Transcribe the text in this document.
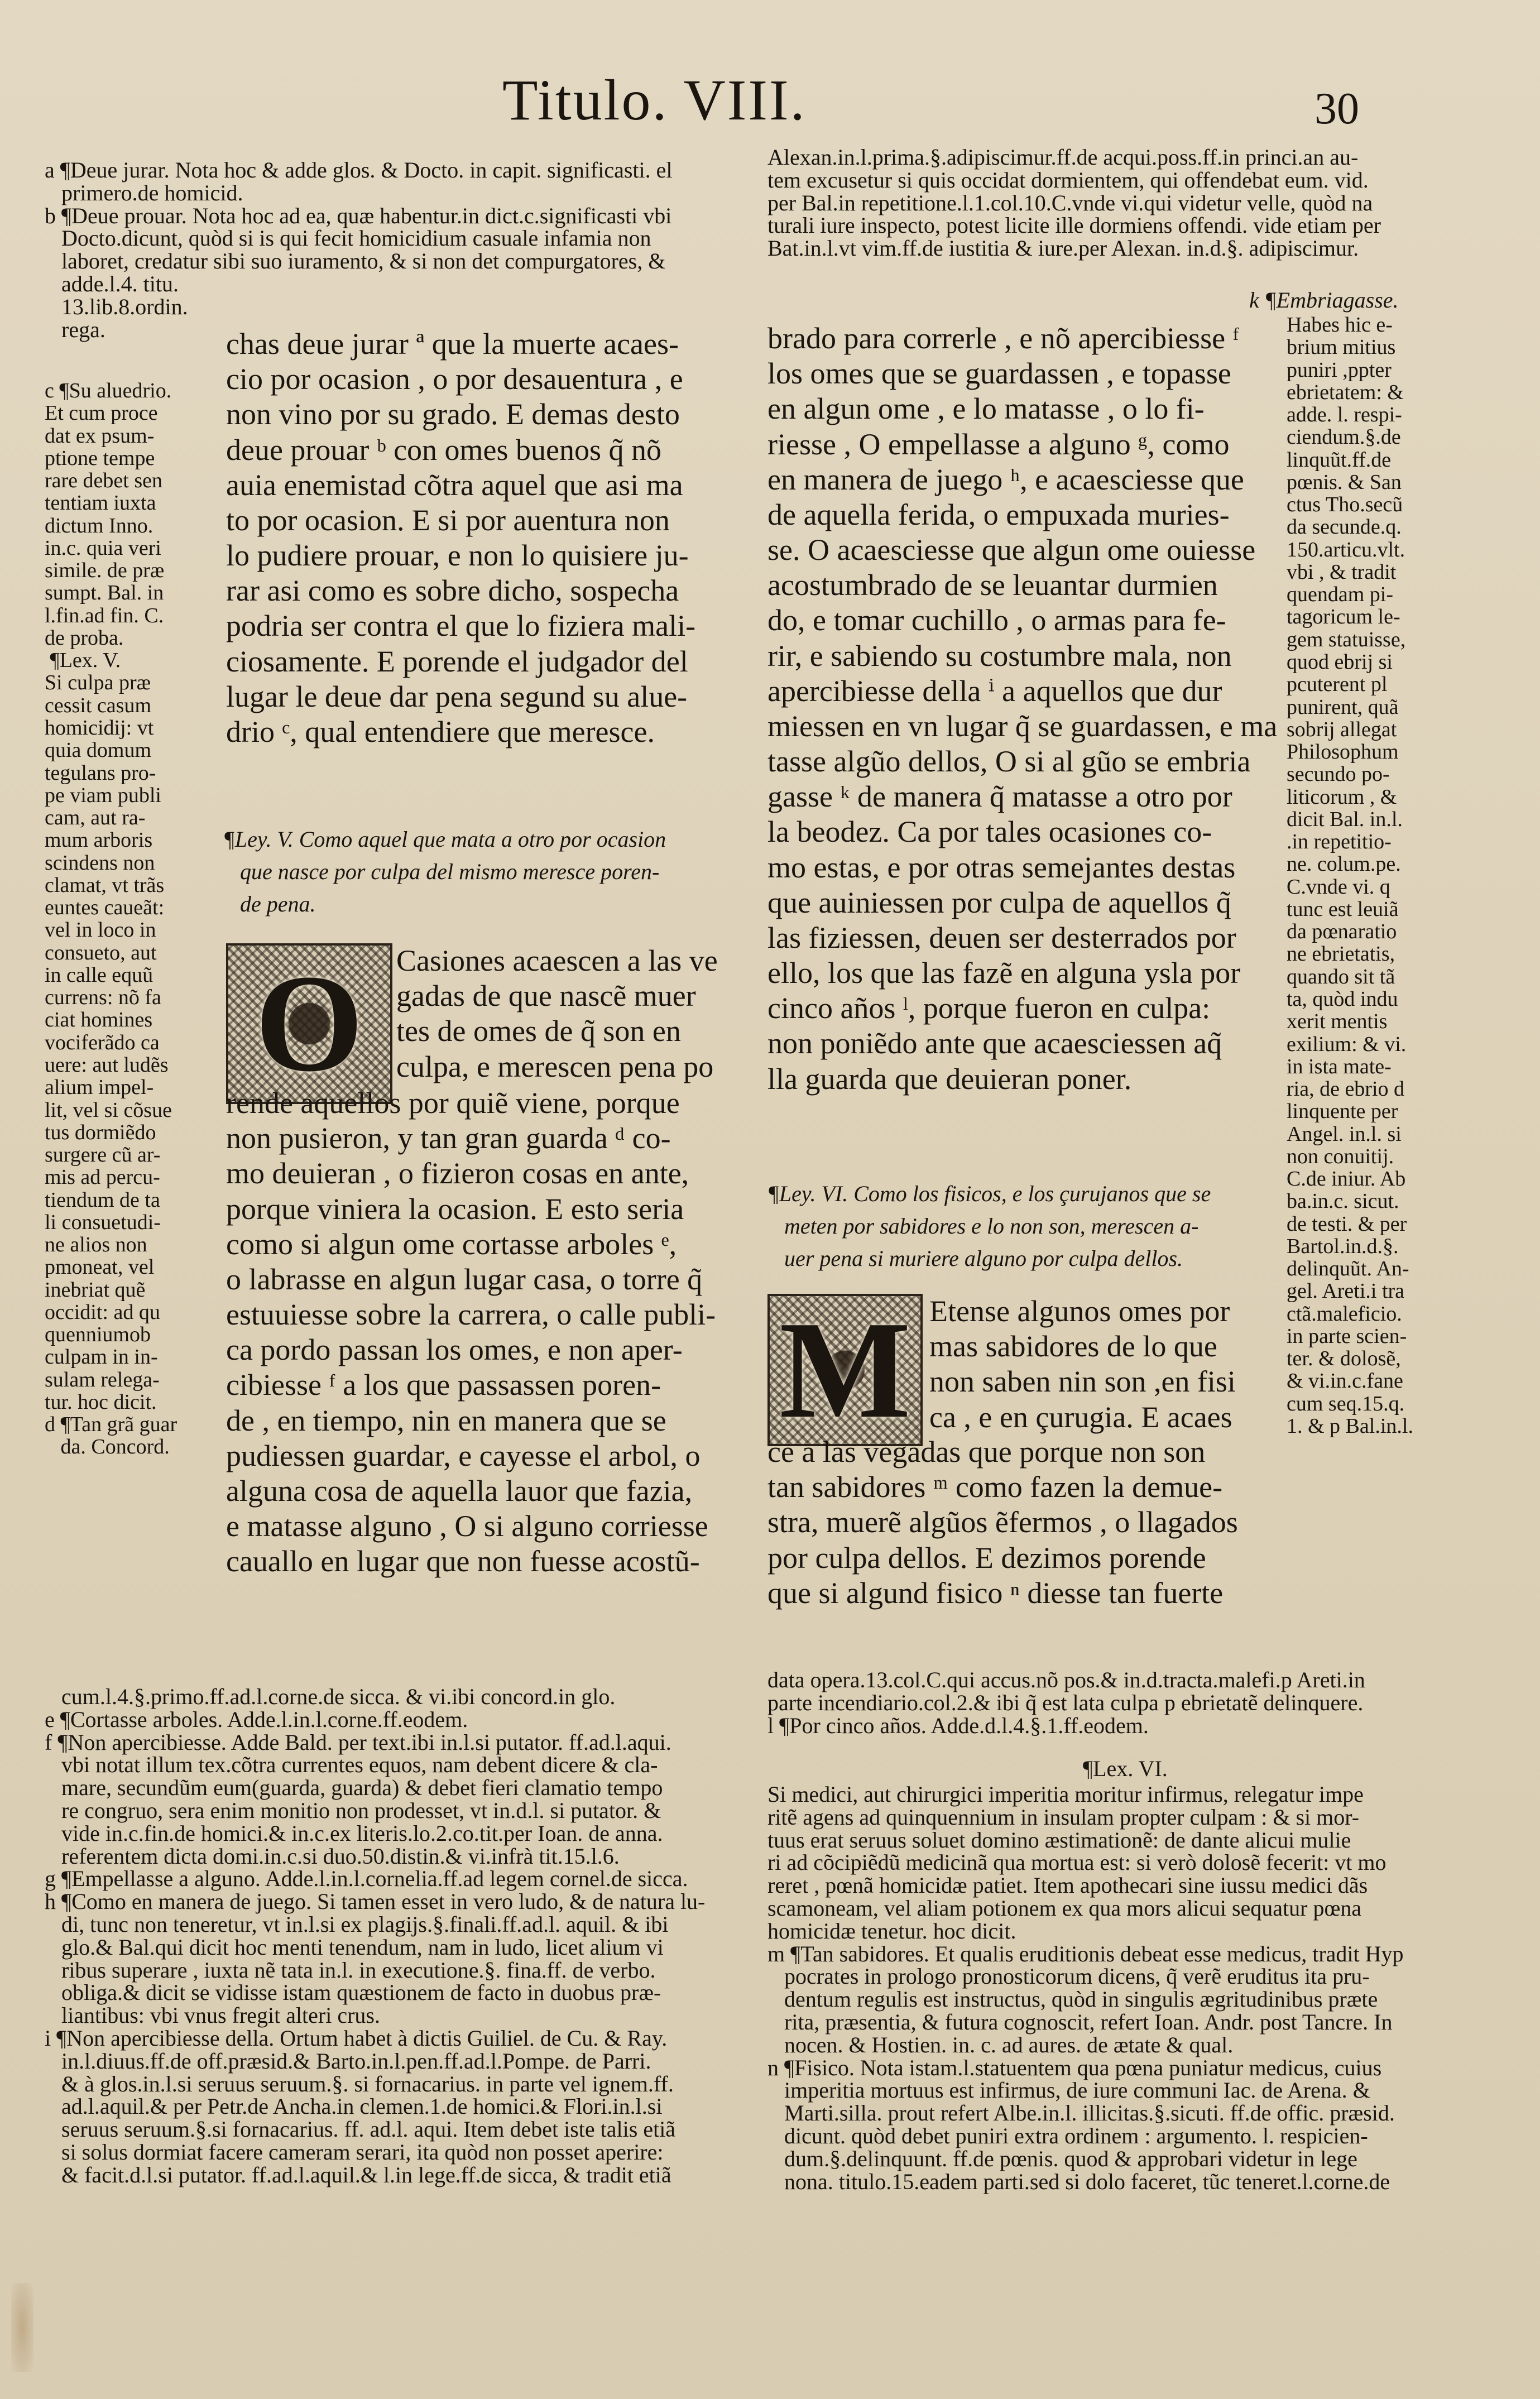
Titulo. VIII.	30
a ¶Deue jurar. Nota hoc & adde glos. & Docto. in capit. significasti. el
primero.de homicid.
b ¶Deue prouar. Nota hoc ad ea, quæ habentur.in dict.c.significasti vbi
Docto.dicunt, quòd si is qui fecit homicidium casuale infamia non
laboret, credatur sibi suo iuramento, & si non det compurgatores, &
adde.l.4. titu.
13.lib.8.ordin.
rega.
c ¶Su aluedrio.
Et cum proce
dat ex psum-
ptione tempe
rare debet sen
tentiam iuxta
dictum Inno.
in.c. quia veri
simile. de præ
sumpt. Bal. in
l.fin.ad fin. C.
de proba.
¶Lex. V.
Si culpa præ
cessit casum
homicidij: vt
quia domum
tegulans pro-
pe viam publi
cam, aut ra-
mum arboris
scindens non
clamat, vt trãs
euntes caueãt:
vel in loco in
consueto, aut
in calle equũ
currens: nõ fa
ciat homines
vociferãdo ca
uere: aut ludẽs
alium impel-
lit, vel si cõsue
tus dormiẽdo
surgere cũ ar-
mis ad percu-
tiendum de ta
li consuetudi-
ne alios non
pmoneat, vel
inebriat quẽ
occidit: ad qu
quenniumob
culpam in in-
sulam relega-
tur. hoc dicit.
d ¶Tan grã guar
da. Concord.
chas deue jurar ª que la muerte acaes-
cio por ocasion , o por desauentura , e
non vino por su grado. E demas desto
deue prouar ᵇ con omes buenos q̃ nõ
auia enemistad cõtra aquel que asi ma
to por ocasion. E si por auentura non
lo pudiere prouar, e non lo quisiere ju-
rar asi como es sobre dicho, sospecha
podria ser contra el que lo fiziera mali-
ciosamente. E porende el judgador del
lugar le deue dar pena segund su alue-
drio ᶜ, qual entendiere que meresce.
¶Ley. V. Como aquel que mata a otro por ocasion
que nasce por culpa del mismo meresce poren-
de pena.
O	Casiones acaescen a las ve
gadas de que nascẽ muer
tes de omes de q̃ son en
culpa, e merescen pena po
rende aquellos por quiẽ viene, porque
non pusieron, y tan gran guarda ᵈ co-
mo deuieran , o fizieron cosas en ante,
porque viniera la ocasion. E esto seria
como si algun ome cortasse arboles ᵉ,
o labrasse en algun lugar casa, o torre q̃
estuuiesse sobre la carrera, o calle publi-
ca pordo passan los omes, e non aper-
cibiesse ᶠ a los que passassen poren-
de , en tiempo, nin en manera que se
pudiessen guardar, e cayesse el arbol, o
alguna cosa de aquella lauor que fazia,
e matasse alguno , O si alguno corriesse
cauallo en lugar que non fuesse acostũ-
cum.l.4.§.primo.ff.ad.l.corne.de sicca. & vi.ibi concord.in glo.
e ¶Cortasse arboles. Adde.l.in.l.corne.ff.eodem.
f ¶Non apercibiesse. Adde Bald. per text.ibi in.l.si putator. ff.ad.l.aqui.
vbi notat illum tex.cõtra currentes equos, nam debent dicere & cla-
mare, secundũm eum(guarda, guarda) & debet fieri clamatio tempo
re congruo, sera enim monitio non prodesset, vt in.d.l. si putator. &
vide in.c.fin.de homici.& in.c.ex literis.lo.2.co.tit.per Ioan. de anna.
referentem dicta domi.in.c.si duo.50.distin.& vi.infrà tit.15.l.6.
g ¶Empellasse a alguno. Adde.l.in.l.cornelia.ff.ad legem cornel.de sicca.
h ¶Como en manera de juego. Si tamen esset in vero ludo, & de natura lu-
di, tunc non teneretur, vt in.l.si ex plagijs.§.finali.ff.ad.l. aquil. & ibi
glo.& Bal.qui dicit hoc menti tenendum, nam in ludo, licet alium vi
ribus superare , iuxta nẽ tata in.l. in executione.§. fina.ff. de verbo.
obliga.& dicit se vidisse istam quæstionem de facto in duobus præ-
liantibus: vbi vnus fregit alteri crus.
i ¶Non apercibiesse della. Ortum habet à dictis Guiliel. de Cu. & Ray.
in.l.diuus.ff.de off.præsid.& Barto.in.l.pen.ff.ad.l.Pompe. de Parri.
& à glos.in.l.si seruus seruum.§. si fornacarius. in parte vel ignem.ff.
ad.l.aquil.& per Petr.de Ancha.in clemen.1.de homici.& Flori.in.l.si
seruus seruum.§.si fornacarius. ff. ad.l. aqui. Item debet iste talis etiã
si solus dormiat facere cameram serari, ita quòd non posset aperire:
& facit.d.l.si putator. ff.ad.l.aquil.& l.in lege.ff.de sicca, & tradit etiã
Alexan.in.l.prima.§.adipiscimur.ff.de acqui.poss.ff.in princi.an au-
tem excusetur si quis occidat dormientem, qui offendebat eum. vid.
per Bal.in repetitione.l.1.col.10.C.vnde vi.qui videtur velle, quòd na
turali iure inspecto, potest licite ille dormiens offendi. vide etiam per
Bat.in.l.vt vim.ff.de iustitia & iure.per Alexan. in.d.§. adipiscimur.
brado para correrle , e nõ apercibiesse ᶠ
los omes que se guardassen , e topasse
en algun ome , e lo matasse , o lo fi-
riesse , O empellasse a alguno ᵍ, como
en manera de juego ʰ, e acaesciesse que
de aquella ferida, o empuxada muries-
se. O acaesciesse que algun ome ouiesse
acostumbrado de se leuantar durmien
do, e tomar cuchillo , o armas para fe-
rir, e sabiendo su costumbre mala, non
apercibiesse della ⁱ a aquellos que dur
miessen en vn lugar q̃ se guardassen, e ma
tasse algũo dellos, O si al gũo se embria
gasse ᵏ de manera q̃ matasse a otro por
la beodez. Ca por tales ocasiones co-
mo estas, e por otras semejantes destas
que auiniessen por culpa de aquellos q̃
las fiziessen, deuen ser desterrados por
ello, los que las fazẽ en alguna ysla por
cinco años ˡ, porque fueron en culpa:
non poniẽdo ante que acaesciessen aq̃
lla guarda que deuieran poner.
k ¶Embriagasse.
Habes hic e-
brium mitius
puniri ,ppter
ebrietatem: &
adde. l. respi-
ciendum.§.de
linquũt.ff.de
pœnis. & San
ctus Tho.secũ
da secunde.q.
150.articu.vlt.
vbi , & tradit
quendam pi-
tagoricum le-
gem statuisse,
quod ebrij si
pcuterent pl
punirent, quã
sobrij allegat
Philosophum
secundo po-
liticorum , &
dicit Bal. in.l.
.in repetitio-
ne. colum.pe.
C.vnde vi. q
tunc est leuiã
da pœnaratio
ne ebrietatis,
quando sit tã
ta, quòd indu
xerit mentis
exilium: & vi.
in ista mate-
ria, de ebrio d
linquente per
Angel. in.l. si
non conuitij.
C.de iniur. Ab
ba.in.c. sicut.
de testi. & per
Bartol.in.d.§.
delinquũt. An-
gel. Areti.i tra
ctã.maleficio.
in parte scien-
ter. & dolosẽ,
& vi.in.c.fane
cum seq.15.q.
1. & p Bal.in.l.
¶Ley. VI. Como los fisicos, e los çurujanos que se
meten por sabidores e lo non son, merescen a-
uer pena si muriere alguno por culpa dellos.
M Etense algunos omes por
mas sabidores de lo que
non saben nin son ,en fisi
ca , e en çurugia. E acaes
ce a las vegadas que porque non son
tan sabidores ᵐ como fazen la demue-
stra, muerẽ algũos ẽfermos , o llagados
por culpa dellos. E dezimos porende
que si algund fisico ⁿ diesse tan fuerte
data opera.13.col.C.qui accus.nõ pos.& in.d.tracta.malefi.p Areti.in
parte incendiario.col.2.& ibi q̃ est lata culpa p ebrietatẽ delinquere.
l ¶Por cinco años. Adde.d.l.4.§.1.ff.eodem.
¶Lex. VI.
Si medici, aut chirurgici imperitia moritur infirmus, relegatur impe
ritẽ agens ad quinquennium in insulam propter culpam : & si mor-
tuus erat seruus soluet domino æstimationẽ: de dante alicui mulie
ri ad cõcipiẽdũ medicinã qua mortua est: si verò dolosẽ fecerit: vt mo
reret , pœnã homicidæ patiet. Item apothecari sine iussu medici dãs
scamoneam, vel aliam potionem ex qua mors alicui sequatur pœna
homicidæ tenetur. hoc dicit.
m ¶Tan sabidores. Et qualis eruditionis debeat esse medicus, tradit Hyp
pocrates in prologo pronosticorum dicens, q̃ verẽ eruditus ita pru-
dentum regulis est instructus, quòd in singulis ægritudinibus præte
rita, præsentia, & futura cognoscit, refert Ioan. Andr. post Tancre. In
nocen. & Hostien. in. c. ad aures. de ætate & qual.
n ¶Fisico. Nota istam.l.statuentem qua pœna puniatur medicus, cuius
imperitia mortuus est infirmus, de iure communi Iac. de Arena. &
Marti.silla. prout refert Albe.in.l. illicitas.§.sicuti. ff.de offic. præsid.
dicunt. quòd debet puniri extra ordinem : argumento. l. respicien-
dum.§.delinquunt. ff.de pœnis. quod & approbari videtur in lege
nona. titulo.15.eadem parti.sed si dolo faceret, tũc teneret.l.corne.de
